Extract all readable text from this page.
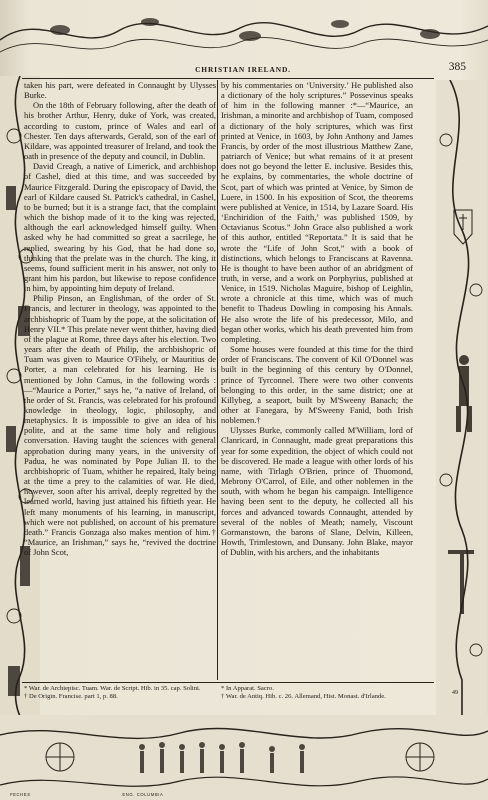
CHRISTIAN IRELAND.	385

taken his part, were defeated in Connaught by Ulysses Burke.

On the 18th of February following, after the death of his brother Arthur, Henry, duke of York, was created, according to custom, prince of Wales and earl of Chester. Ten days afterwards, Gerald, son of the earl of Kildare, was appointed treasurer of Ireland, and took the oath in presence of the deputy and council, in Dublin.

David Creagh, a native of Limerick, and archbishop of Cashel, died at this time, and was succeeded by Maurice Fitzgerald. During the episcopacy of David, the earl of Kildare caused St. Patrick's cathedral, in Cashel, to be burned; but it is a strange fact, that the complaint which the bishop made of it to the king was rejected, although the earl acknowledged himself guilty. When asked why he had committed so great a sacrilege, he replied, swearing by his God, that he had done so, thinking that the prelate was in the church. The king, it seems, found sufficient merit in his answer, not only to grant him his pardon, but likewise to repose confidence in him, by appointing him deputy of Ireland.

Philip Pinson, an Englishman, of the order of St. Francis, and lecturer in theology, was appointed to the archbishopric of Tuam by the pope, at the solicitation of Henry VII.* This prelate never went thither, having died of the plague at Rome, three days after his election. Two years after the death of Philip, the archbishopric of Tuam was given to Maurice O'Fihely, or Mauritius de Porter, a man celebrated for his learning. He is mentioned by John Camus, in the following words :—“Maurice a Porter,” says he, “a native of Ireland, of the order of St. Francis, was celebrated for his profound knowledge in theology, logic, philosophy, and metaphysics. It is impossible to give an idea of his polite, and at the same time holy and religious conversation. Having taught the sciences with general approbation during many years, in the university of Padua, he was nominated by Pope Julian II. to the archbishopric of Tuam, whither he repaired, Italy being at the time a prey to the calamities of war. He died, however, soon after his arrival, deeply regretted by the learned world, having just attained his fiftieth year. He left many monuments of his learning, in manuscript, which were not published, on account of his premature death.” Francis Gonzaga also makes mention of him.† “Maurice, an Irishman,” says he, “revived the doctrine of John Scot,

by his commentaries on ‘University.’ He published also a dictionary of the holy scriptures.” Possevinus speaks of him in the following manner :*—“Maurice, an Irishman, a minorite and archbishop of Tuam, composed a dictionary of the holy scriptures, which was first printed at Venice, in 1603, by John Anthony and James Francis, by order of the most illustrious Matthew Zane, patriarch of Venice; but what remains of it at present does not go beyond the letter E. inclusive. Besides this, he explains, by commentaries, the whole doctrine of Scot, part of which was printed at Venice, by Simon de Luere, in 1500. In his exposition of Scot, the theorems were published at Venice, in 1514, by Lazare Soard. His ‘Enchiridion of the Faith,’ was published 1509, by Octavianus Scotus.” John Grace also published a work of this author, entitled “Reportata.” It is said that he wrote the “Life of John Scot,” with a book of distinctions, which belongs to Franciscans at Ravenna. He is thought to have been author of an abridgment of truth, in verse, and a work on Porphyrius, published at Venice, in 1519. Nicholas Maguire, bishop of Leighlin, wrote a chronicle at this time, which was of much benefit to Thadeus Dowling in composing his Annals. He also wrote the life of his predecessor, Milo, and began other works, which his death prevented him from completing.

Some houses were founded at this time for the third order of Franciscans. The convent of Kil O'Donnel was built in the beginning of this century by O'Donnel, prince of Tyrconnel. There were two other convents belonging to this order, in the same district; one at Killybeg, a seaport, built by M'Sweeny Banach; the other at Fanegara, by M'Sweeny Fanid, both Irish noblemen.†

Ulysses Burke, commonly called M'William, lord of Clanricard, in Connaught, made great preparations this year for some expedition, the object of which could not be discovered. He made a league with other lords of his name, with Tirlagh O'Brien, prince of Thuomond, Mebrony O'Carrol, of Eile, and other noblemen in the south, with whom he began his campaign. Intelligence having been sent to the deputy, he collected all his forces and advanced towards Connaught, attended by several of the nobles of Meath; namely, Viscount Gormanstown, the barons of Slane, Delvin, Killeen, Howth, Trimlestown, and Dunsany. John Blake, mayor of Dublin, with his archers, and the inhabitants

* War. de Archiepisc. Tuam. War. de Script. Hib. in 35. cap. Solini.
† De Origin. Francise. part 1, p. 88.
* In Apparat. Sacro.
† War. de Antiq. Hib. c. 26. Allemand, Hist. Monast. d'Irlande.
49
FECHES	ENG. COLUMBIA
